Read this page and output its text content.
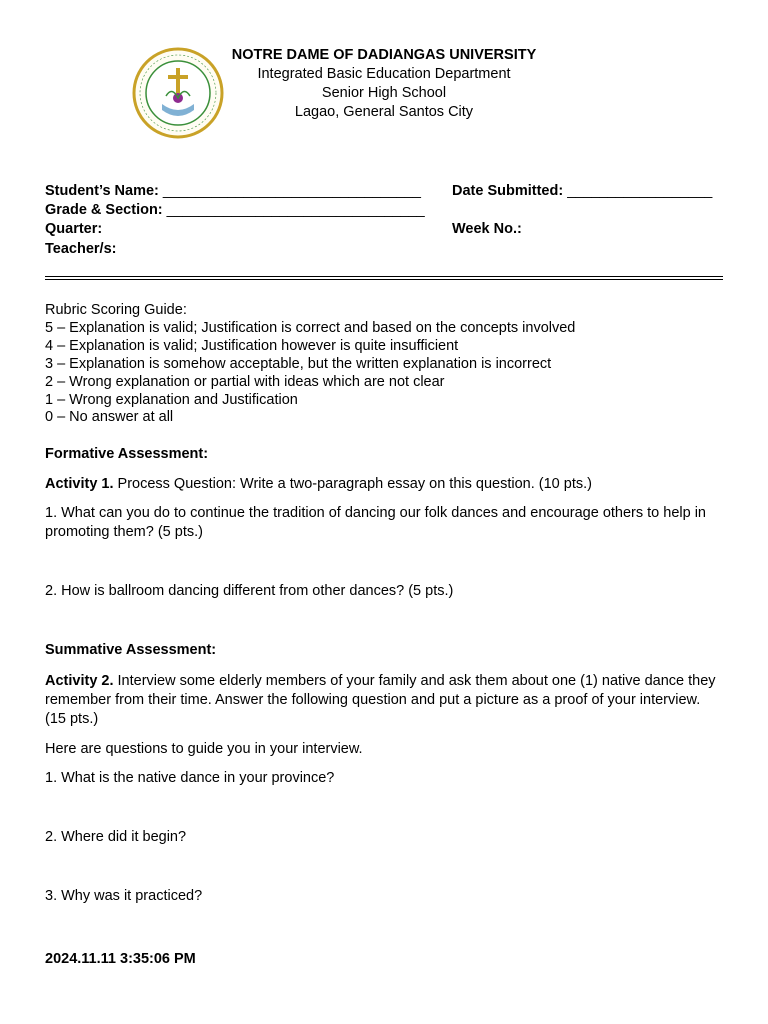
NOTRE DAME OF DADIANGAS UNIVERSITY
Integrated Basic Education Department
Senior High School
Lagao, General Santos City
Student’s Name: ________________________________ Date Submitted: __________________
Grade & Section: ________________________________
Quarter:	Week No.:
Teacher/s:
Rubric Scoring Guide:
5 – Explanation is valid; Justification is correct and based on the concepts involved
4 – Explanation is valid; Justification however is quite insufficient
3 – Explanation is somehow acceptable, but the written explanation is incorrect
2 – Wrong explanation or partial with ideas which are not clear
1 – Wrong explanation and Justification
0 – No answer at all
Formative Assessment:
Activity 1. Process Question: Write a two-paragraph essay on this question. (10 pts.)
1. What can you do to continue the tradition of dancing our folk dances and encourage others to help in promoting them? (5 pts.)
2. How is ballroom dancing different from other dances? (5 pts.)
Summative Assessment:
Activity 2. Interview some elderly members of your family and ask them about one (1) native dance they remember from their time. Answer the following question and put a picture as a proof of your interview. (15 pts.)
Here are questions to guide you in your interview.
1. What is the native dance in your province?
2. Where did it begin?
3. Why was it practiced?
2024.11.11 3:35:06 PM
